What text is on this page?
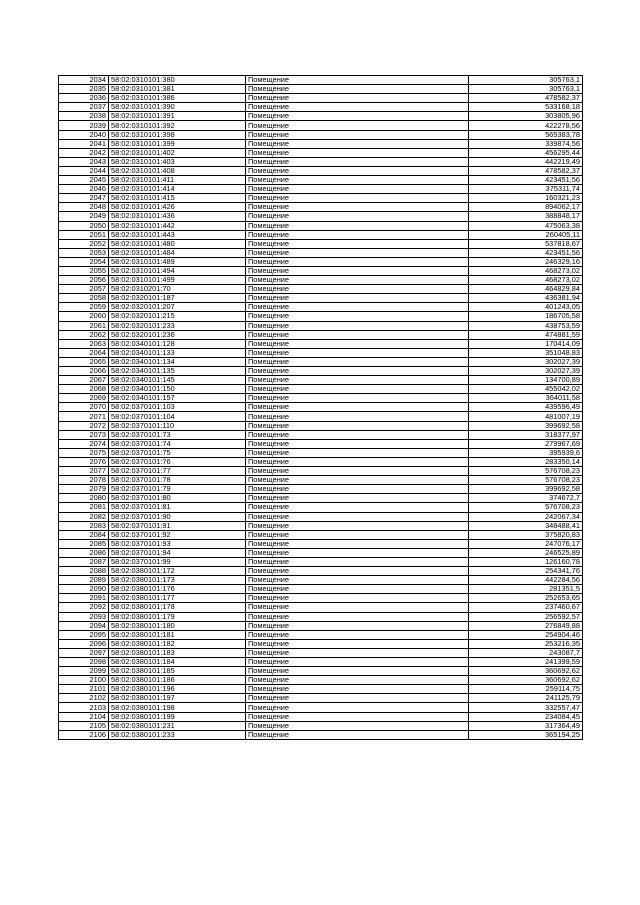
2034	58:02:0310101:380	Помещение	305763,1
2035	58:02:0310101:381	Помещение	305763,1
2036	58:02:0310101:386	Помещение	478582,37
2037	58:02:0310101:390	Помещение	533168,18
2038	58:02:0310101:391	Помещение	303805,96
2039	58:02:0310101:392	Помещение	422278,56
2040	58:02:0310101:398	Помещение	565383,78
2041	58:02:0310101:399	Помещение	339874,56
2042	58:02:0310101:402	Помещение	456295,44
2043	58:02:0310101:403	Помещение	442219,49
2044	58:02:0310101:408	Помещение	478582,37
2045	58:02:0310101:411	Помещение	423451,56
2046	58:02:0310101:414	Помещение	375311,74
2047	58:02:0310101:415	Помещение	160321,23
2048	58:02:0310101:426	Помещение	894062,17
2049	58:02:0310101:436	Помещение	388848,17
2050	58:02:0310101:442	Помещение	475063,38
2051	58:02:0310101:443	Помещение	260405,11
2052	58:02:0310101:480	Помещение	537818,67
2053	58:02:0310101:484	Помещение	423451,56
2054	58:02:0310101:489	Помещение	246329,16
2055	58:02:0310101:494	Помещение	468273,02
2056	58:02:0310101:499	Помещение	468273,02
2057	58:02:0310201:70	Помещение	464829,84
2058	58:02:0320101:187	Помещение	436381,94
2059	58:02:0320101:207	Помещение	401243,05
2060	58:02:0320101:215	Помещение	186705,58
2061	58:02:0320101:233	Помещение	438753,59
2062	58:02:0320101:236	Помещение	474881,59
2063	58:02:0340101:128	Помещение	170414,09
2064	58:02:0340101:133	Помещение	351048,83
2065	58:02:0340101:134	Помещение	302027,39
2066	58:02:0340101:135	Помещение	302027,39
2067	58:02:0340101:145	Помещение	134700,89
2068	58:02:0340101:150	Помещение	455042,02
2069	58:02:0340101:157	Помещение	364011,58
2070	58:02:0370101:103	Помещение	439596,49
2071	58:02:0370101:104	Помещение	481007,19
2072	58:02:0370101:110	Помещение	399692,58
2073	58:02:0370101:73	Помещение	318377,97
2074	58:02:0370101:74	Помещение	279967,69
2075	58:02:0370101:75	Помещение	395939,6
2076	58:02:0370101:76	Помещение	283350,14
2077	58:02:0370101:77	Помещение	576708,23
2078	58:02:0370101:78	Помещение	576708,23
2079	58:02:0370101:79	Помещение	399692,58
2080	58:02:0370101:80	Помещение	374672,7
2081	58:02:0370101:81	Помещение	576708,23
2082	58:02:0370101:90	Помещение	242067,34
2083	58:02:0370101:91	Помещение	348488,41
2084	58:02:0370101:92	Помещение	375820,83
2085	58:02:0370101:93	Помещение	247076,17
2086	58:02:0370101:94	Помещение	246525,89
2087	58:02:0370101:99	Помещение	126160,78
2088	58:02:0380101:172	Помещение	254341,76
2089	58:02:0380101:173	Помещение	442284,56
2090	58:02:0380101:176	Помещение	281351,5
2091	58:02:0380101:177	Помещение	252653,65
2092	58:02:0380101:178	Помещение	237460,67
2093	58:02:0380101:179	Помещение	256592,57
2094	58:02:0380101:180	Помещение	276849,88
2095	58:02:0380101:181	Помещение	254904,46
2096	58:02:0380101:182	Помещение	253216,35
2097	58:02:0380101:183	Помещение	243087,7
2098	58:02:0380101:184	Помещение	241399,59
2099	58:02:0380101:185	Помещение	360692,62
2100	58:02:0380101:186	Помещение	360692,62
2101	58:02:0380101:196	Помещение	259114,75
2102	58:02:0380101:197	Помещение	241125,79
2103	58:02:0380101:198	Помещение	332557,47
2104	58:02:0380101:199	Помещение	234084,45
2105	58:02:0380101:231	Помещение	317364,49
2106	58:02:0380101:233	Помещение	365194,25
